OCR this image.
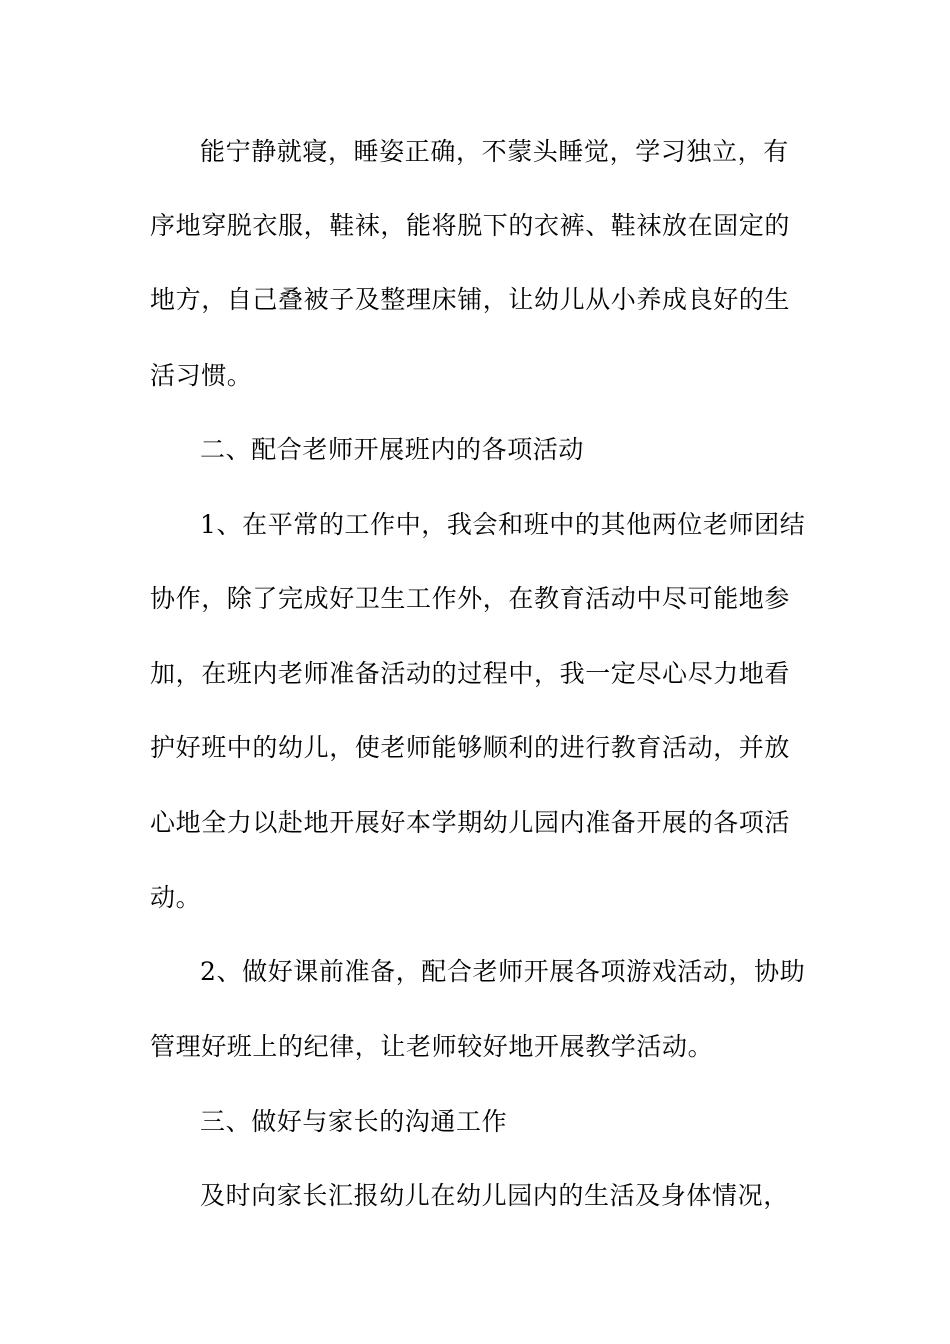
能宁静就寝，睡姿正确，不蒙头睡觉，学习独立，有
序地穿脱衣服，鞋袜，能将脱下的衣裤、鞋袜放在固定的
地方，自己叠被子及整理床铺，让幼儿从小养成良好的生
活习惯。
二、配合老师开展班内的各项活动
1、在平常的工作中，我会和班中的其他两位老师团结
协作，除了完成好卫生工作外，在教育活动中尽可能地参
加，在班内老师准备活动的过程中，我一定尽心尽力地看
护好班中的幼儿，使老师能够顺利的进行教育活动，并放
心地全力以赴地开展好本学期幼儿园内准备开展的各项活
动。
2、做好课前准备，配合老师开展各项游戏活动，协助
管理好班上的纪律，让老师较好地开展教学活动。
三、做好与家长的沟通工作
及时向家长汇报幼儿在幼儿园内的生活及身体情况，
